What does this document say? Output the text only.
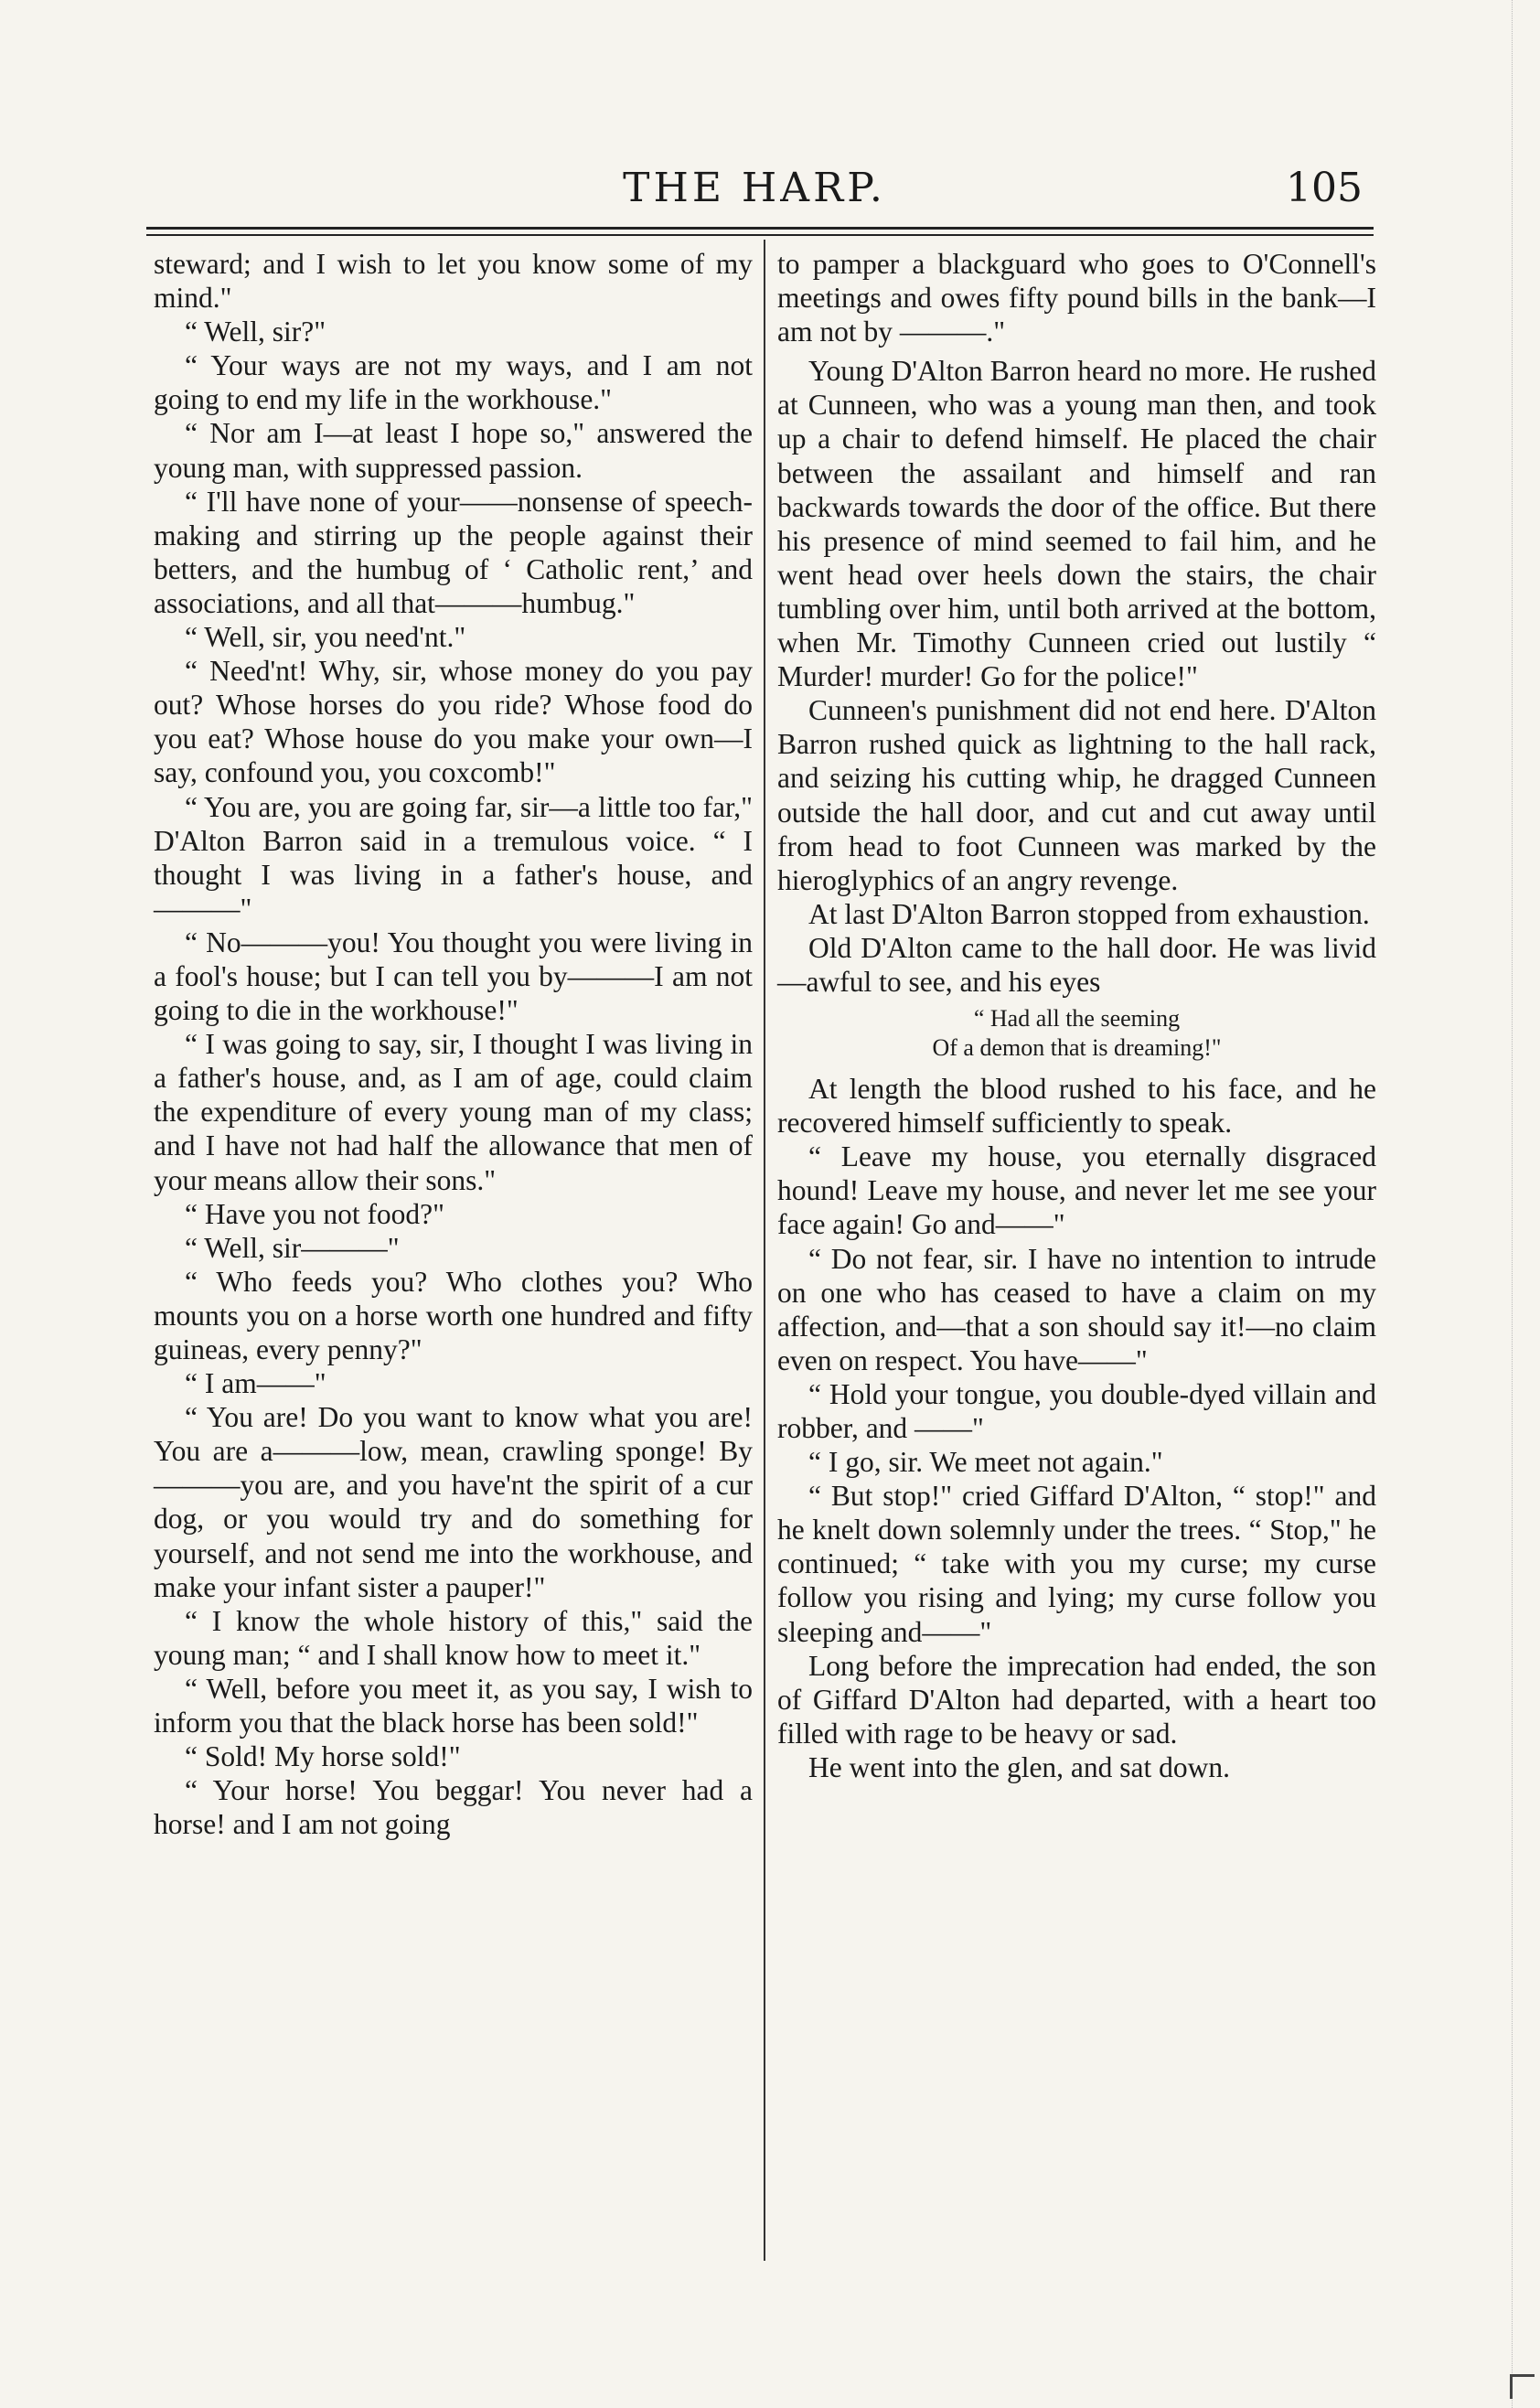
THE HARP.	105

steward; and I wish to let you know some of my mind."

“ Well, sir?"

“ Your ways are not my ways, and I am not going to end my life in the workhouse."

“ Nor am I—at least I hope so," answered the young man, with suppressed passion.

“ I'll have none of your——nonsense of speech-making and stirring up the people against their betters, and the humbug of ‘ Catholic rent,’ and associations, and all that———humbug."

“ Well, sir, you need'nt."

“ Need'nt! Why, sir, whose money do you pay out? Whose horses do you ride? Whose food do you eat? Whose house do you make your own—I say, confound you, you coxcomb!"

“ You are, you are going far, sir—a little too far," D'Alton Barron said in a tremulous voice. “ I thought I was living in a father's house, and———"

“ No———you! You thought you were living in a fool's house; but I can tell you by———I am not going to die in the workhouse!"

“ I was going to say, sir, I thought I was living in a father's house, and, as I am of age, could claim the expenditure of every young man of my class; and I have not had half the allowance that men of your means allow their sons."

“ Have you not food?"

“ Well, sir———"

“ Who feeds you? Who clothes you? Who mounts you on a horse worth one hundred and fifty guineas, every penny?"

“ I am——"

“ You are! Do you want to know what you are! You are a———low, mean, crawling sponge! By———you are, and you have'nt the spirit of a cur dog, or you would try and do something for yourself, and not send me into the workhouse, and make your infant sister a pauper!"

“ I know the whole history of this," said the young man; “ and I shall know how to meet it."

“ Well, before you meet it, as you say, I wish to inform you that the black horse has been sold!"

“ Sold! My horse sold!"

“ Your horse! You beggar! You never had a horse! and I am not going

to pamper a blackguard who goes to O'Connell's meetings and owes fifty pound bills in the bank—I am not by ———."

Young D'Alton Barron heard no more. He rushed at Cunneen, who was a young man then, and took up a chair to defend himself. He placed the chair between the assailant and himself and ran backwards towards the door of the office. But there his presence of mind seemed to fail him, and he went head over heels down the stairs, the chair tumbling over him, until both arrived at the bottom, when Mr. Timothy Cunneen cried out lustily “ Murder! murder! Go for the police!"

Cunneen's punishment did not end here. D'Alton Barron rushed quick as lightning to the hall rack, and seizing his cutting whip, he dragged Cunneen outside the hall door, and cut and cut away until from head to foot Cunneen was marked by the hieroglyphics of an angry revenge.

At last D'Alton Barron stopped from exhaustion.

Old D'Alton came to the hall door. He was livid—awful to see, and his eyes

“ Had all the seeming
Of a demon that is dreaming!"

At length the blood rushed to his face, and he recovered himself sufficiently to speak.

“ Leave my house, you eternally disgraced hound! Leave my house, and never let me see your face again! Go and——"

“ Do not fear, sir. I have no intention to intrude on one who has ceased to have a claim on my affection, and—that a son should say it!—no claim even on respect. You have——"

“ Hold your tongue, you double-dyed villain and robber, and ——"

“ I go, sir. We meet not again."

“ But stop!" cried Giffard D'Alton, “ stop!" and he knelt down solemnly under the trees. “ Stop," he continued; “ take with you my curse; my curse follow you rising and lying; my curse follow you sleeping and——"

Long before the imprecation had ended, the son of Giffard D'Alton had departed, with a heart too filled with rage to be heavy or sad.

He went into the glen, and sat down.
